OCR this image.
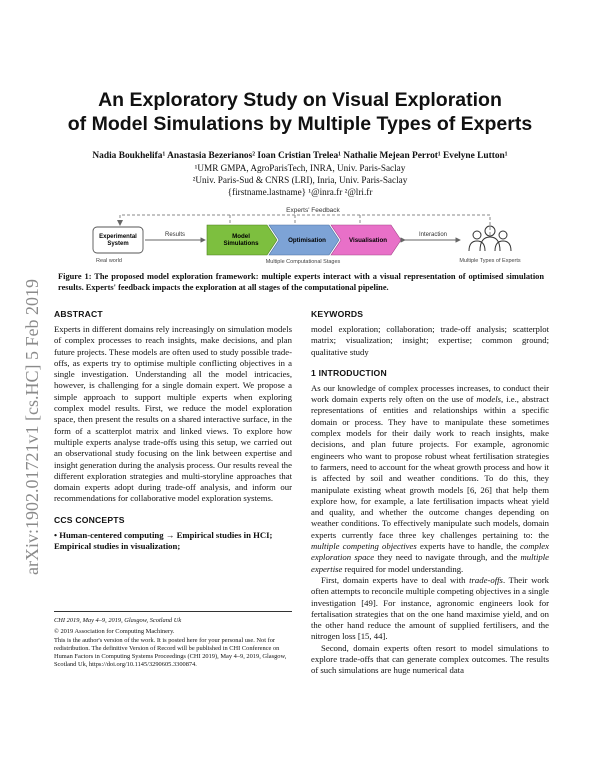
arXiv:1902.01721v1 [cs.HC] 5 Feb 2019
An Exploratory Study on Visual Exploration
of Model Simulations by Multiple Types of Experts
Nadia Boukhelifa¹ Anastasia Bezerianos² Ioan Cristian Trelea¹ Nathalie Mejean Perrot¹ Evelyne Lutton¹
¹UMR GMPA, AgroParisTech, INRA, Univ. Paris-Saclay
²Univ. Paris-Sud & CNRS (LRI), Inria, Univ. Paris-Saclay
{firstname.lastname} ¹@inra.fr ²@lri.fr
Experts' Feedback
Experimental System
Real world
Results	Model Simulations	Optimisation	Visualisation
Multiple Computational Stages
Interaction
Multiple Types of Experts
Figure 1: The proposed model exploration framework: multiple experts interact with a visual representation of optimised simulation results. Experts' feedback impacts the exploration at all stages of the computational pipeline.
ABSTRACT
Experts in different domains rely increasingly on simulation models of complex processes to reach insights, make decisions, and plan future projects. These models are often used to study possible trade-offs, as experts try to optimise multiple conflicting objectives in a single investigation. Understanding all the model intricacies, however, is challenging for a single domain expert. We propose a simple approach to support multiple experts when exploring complex model results. First, we reduce the model exploration space, then present the results on a shared interactive surface, in the form of a scatterplot matrix and linked views. To explore how multiple experts analyse trade-offs using this setup, we carried out an observational study focusing on the link between expertise and insight generation during the analysis process. Our results reveal the different exploration strategies and multi-storyline approaches that domain experts adopt during trade-off analysis, and inform our recommendations for collaborative model exploration systems.
CCS CONCEPTS
• Human-centered computing → Empirical studies in HCI; Empirical studies in visualization;
CHI 2019, May 4–9, 2019, Glasgow, Scotland Uk
© 2019 Association for Computing Machinery.
This is the author's version of the work. It is posted here for your personal use. Not for redistribution. The definitive Version of Record will be published in CHI Conference on Human Factors in Computing Systems Proceedings (CHI 2019), May 4–9, 2019, Glasgow, Scotland Uk, https://doi.org/10.1145/3290605.3300874.
KEYWORDS
model exploration; collaboration; trade-off analysis; scatterplot matrix; visualization; insight; expertise; common ground; qualitative study
1 INTRODUCTION

As our knowledge of complex processes increases, to conduct their work domain experts rely often on the use of models, i.e., abstract representations of entities and relationships within a specific domain or process. They have to manipulate these sometimes complex models for their daily work to reach insights, make decisions, and plan future projects. For example, agronomic engineers who want to propose robust wheat fertilisation strategies to farmers, need to account for the wheat growth process and how it is affected by soil and weather conditions. To do this, they manipulate existing wheat growth models [6, 26] that help them explore how, for example, a late fertilisation impacts wheat yield and quality, and whether the outcome changes depending on weather conditions. To effectively manipulate such models, domain experts currently face three key challenges pertaining to: the multiple competing objectives experts have to handle, the complex exploration space they need to navigate through, and the multiple expertise required for model understanding.

First, domain experts have to deal with trade-offs. Their work often attempts to reconcile multiple competing objectives in a single investigation [49]. For instance, agronomic engineers look for fertalisation strategies that on the one hand maximise yield, and on the other hand reduce the amount of supplied fertilisers, and the nitrogen loss [15, 44].

Second, domain experts often resort to model simulations to explore trade-offs that can generate complex outcomes. The results of such simulations are huge numerical data
